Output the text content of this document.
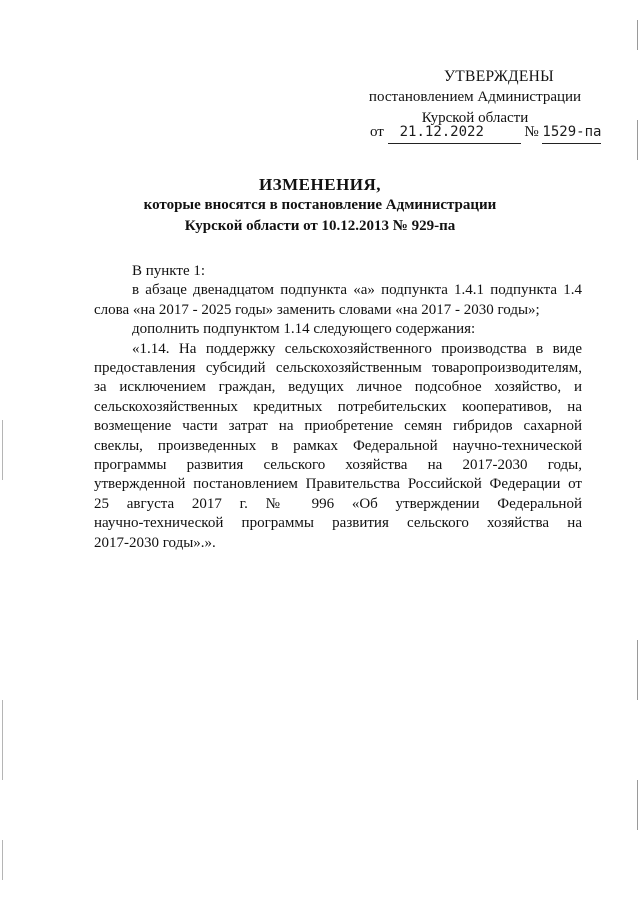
УТВЕРЖДЕНЫ
постановлением Администрации
Курской области
от 21.12.2022	№ 1529-па
ИЗМЕНЕНИЯ,
которые вносятся в постановление Администрации
Курской области от 10.12.2013 № 929-па

В пункте 1:

в абзаце двенадцатом подпункта «а» подпункта 1.4.1 подпункта 1.4

слова «на 2017 - 2025 годы» заменить словами «на 2017 - 2030 годы»;

дополнить подпунктом 1.14 следующего содержания:

«1.14. На поддержку сельскохозяйственного производства в виде

предоставления субсидий сельскохозяйственным товаропроизводителям,

за исключением граждан, ведущих личное подсобное хозяйство, и

сельскохозяйственных кредитных потребительских кооперативов, на

возмещение части затрат на приобретение семян гибридов сахарной

свеклы, произведенных в рамках Федеральной научно-технической

программы развития сельского хозяйства на 2017-2030 годы,

утвержденной постановлением Правительства Российской Федерации от

25 августа 2017 г. № 996 «Об утверждении Федеральной

научно-технической программы развития сельского хозяйства на

2017-2030 годы».».
